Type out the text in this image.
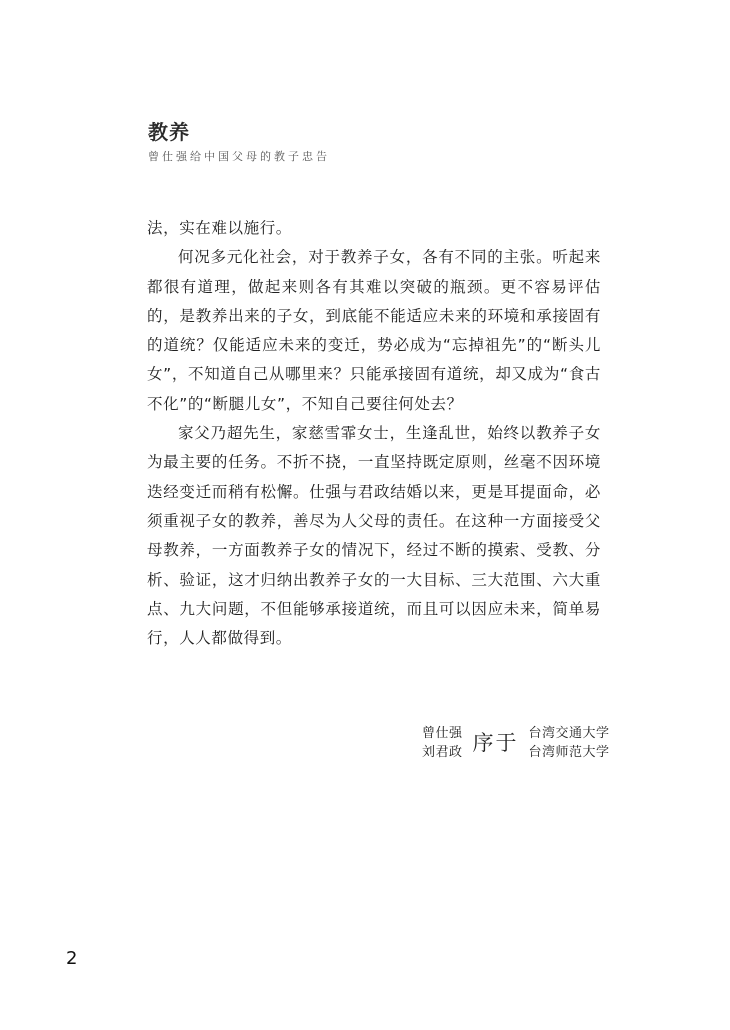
教养
曾仕强给中国父母的教子忠告

法，实在难以施行。

何况多元化社会，对于教养子女，各有不同的主张。听起来都很有道理，做起来则各有其难以突破的瓶颈。更不容易评估的，是教养出来的子女，到底能不能适应未来的环境和承接固有的道统？仅能适应未来的变迁，势必成为“忘掉祖先”的“断头儿女”，不知道自己从哪里来？只能承接固有道统，却又成为“食古不化”的“断腿儿女”，不知自己要往何处去？

家父乃超先生，家慈雪霏女士，生逢乱世，始终以教养子女为最主要的任务。不折不挠，一直坚持既定原则，丝毫不因环境迭经变迁而稍有松懈。仕强与君政结婚以来，更是耳提面命，必须重视子女的教养，善尽为人父母的责任。在这种一方面接受父母教养，一方面教养子女的情况下，经过不断的摸索、受教、分析、验证，这才归纳出教养子女的一大目标、三大范围、六大重点、九大问题，不但能够承接道统，而且可以因应未来，简单易行，人人都做得到。

曾仕强
刘君政 序于 台湾交通大学
台湾师范大学
2
